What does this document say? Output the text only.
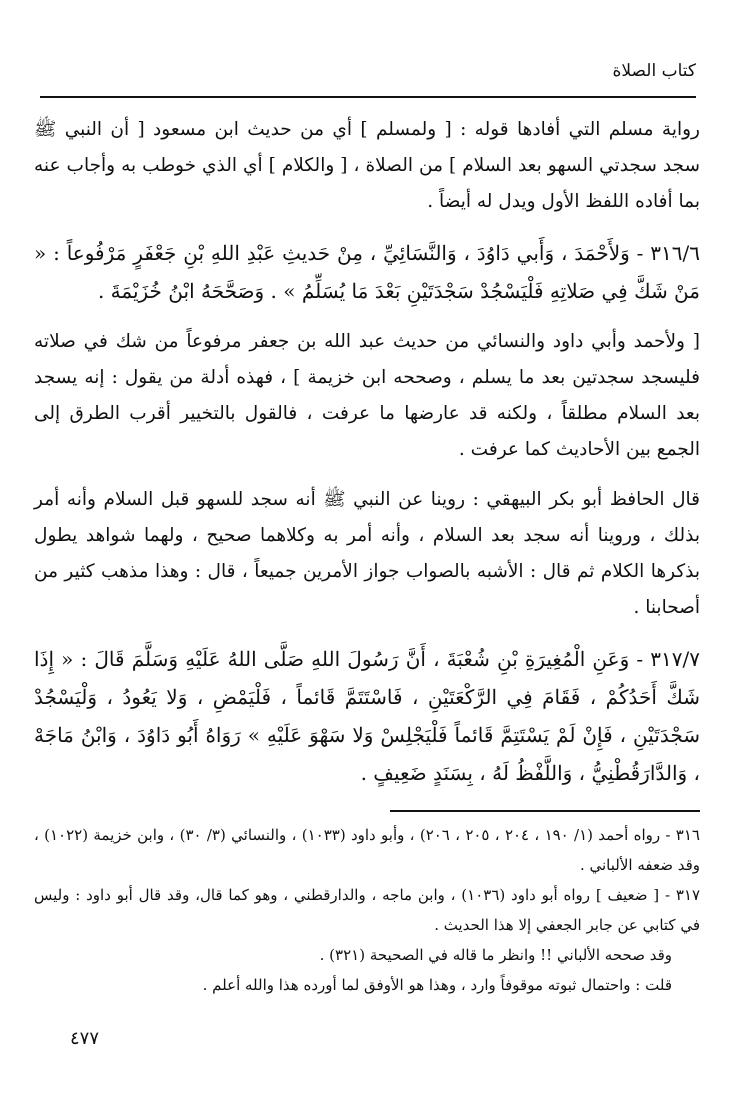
كتاب الصلاة

رواية مسلم التي أفادها قوله : [ ولمسلم ] أي من حديث ابن مسعود [ أن النبي ﷺ سجد سجدتي السهو بعد السلام ] من الصلاة ، [ والكلام ] أي الذي خوطب به وأجاب عنه بما أفاده اللفظ الأول ويدل له أيضاً .

٣١٦/٦ - وَلأَحْمَدَ ، وَأَبي دَاوُدَ ، وَالنَّسَائِيِّ ، مِنْ حَديثِ عَبْدِ اللهِ بْنِ جَعْفَرٍ مَرْفُوعاً : « مَنْ شَكَّ فِي صَلاتِهِ فَلْيَسْجُدْ سَجْدَتَيْنِ بَعْدَ مَا يُسَلِّمُ » . وَصَحَّحَهُ ابْنُ خُزَيْمَةَ .

[ ولأحمد وأبي داود والنسائي من حديث عبد الله بن جعفر مرفوعاً من شك في صلاته فليسجد سجدتين بعد ما يسلم ، وصححه ابن خزيمة ] ، فهذه أدلة من يقول : إنه يسجد بعد السلام مطلقاً ، ولكنه قد عارضها ما عرفت ، فالقول بالتخيير أقرب الطرق إلى الجمع بين الأحاديث كما عرفت .

قال الحافظ أبو بكر البيهقي : روينا عن النبي ﷺ أنه سجد للسهو قبل السلام وأنه أمر بذلك ، وروينا أنه سجد بعد السلام ، وأنه أمر به وكلاهما صحيح ، ولهما شواهد يطول بذكرها الكلام ثم قال : الأشبه بالصواب جواز الأمرين جميعاً ، قال : وهذا مذهب كثير من أصحابنا .

٣١٧/٧ - وَعَنِ الْمُغِيرَةِ بْنِ شُعْبَةَ ، أَنَّ رَسُولَ اللهِ صَلَّى اللهُ عَلَيْهِ وَسَلَّمَ قَالَ : « إِذَا شَكَّ أَحَدُكُمْ ، فَقَامَ فِي الرَّكْعَتَيْنِ ، فَاسْتَتَمَّ قَائماً ، فَلْيَمْضِ ، وَلا يَعُودُ ، وَلْيَسْجُدْ سَجْدَتَيْنِ ، فَإِنْ لَمْ يَسْتَتِمَّ قَائماً فَلْيَجْلِسْ وَلا سَهْوَ عَلَيْهِ » رَوَاهُ أَبُو دَاوُدَ ، وَابْنُ مَاجَهْ ، وَالدَّارَقُطْنِيُّ ، وَاللَّفْظُ لَهُ ، بِسَنَدٍ ضَعِيفٍ .

٣١٦ - رواه أحمد (١/ ١٩٠ ، ٢٠٤ ، ٢٠٥ ، ٢٠٦) ، وأبو داود (١٠٣٣) ، والنسائي (٣/ ٣٠) ، وابن خزيمة (١٠٢٢) ، وقد ضعفه الألباني .

٣١٧ - [ ضعيف ] رواه أبو داود (١٠٣٦) ، وابن ماجه ، والدارقطني ، وهو كما قال، وقد قال أبو داود : وليس في كتابي عن جابر الجعفي إلا هذا الحديث .

وقد صححه الألباني !! وانظر ما قاله في الصحيحة (٣٢١) .

قلت : واحتمال ثبوته موقوفاً وارد ، وهذا هو الأوفق لما أورده هذا والله أعلم .

٤٧٧
